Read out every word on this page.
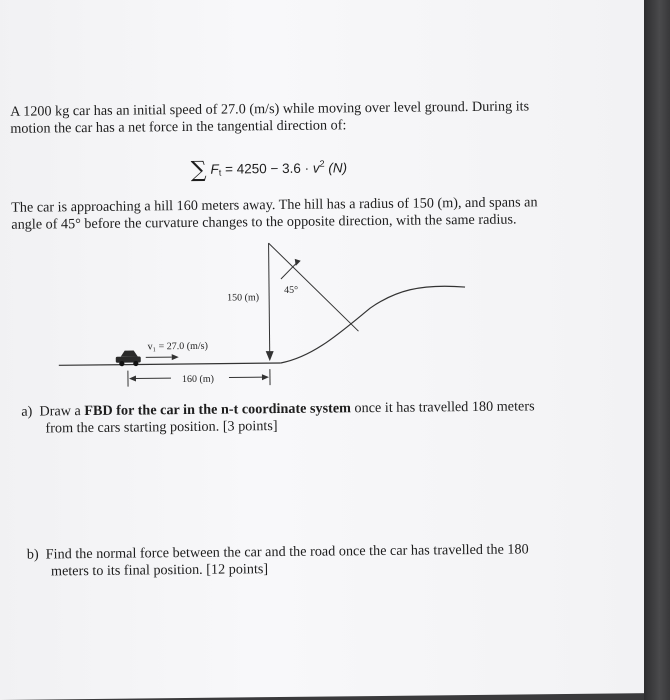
A 1200 kg car has an initial speed of 27.0 (m/s) while moving over level ground. During its
motion the car has a net force in the tangential direction of:
∑ $F_t = 4250 - 3.6 \cdot v^2$ (N)
The car is approaching a hill 160 meters away. The hill has a radius of 150 (m), and spans an
angle of 45° before the curvature changes to the opposite direction, with the same radius.
45°
150 (m)
v₁ = 27.0 (m/s)
160 (m)
a) Draw a FBD for the car in the n-t coordinate system once it has travelled 180 meters
from the cars starting position. [3 points]
b) Find the normal force between the car and the road once the car has travelled the 180
meters to its final position. [12 points]
